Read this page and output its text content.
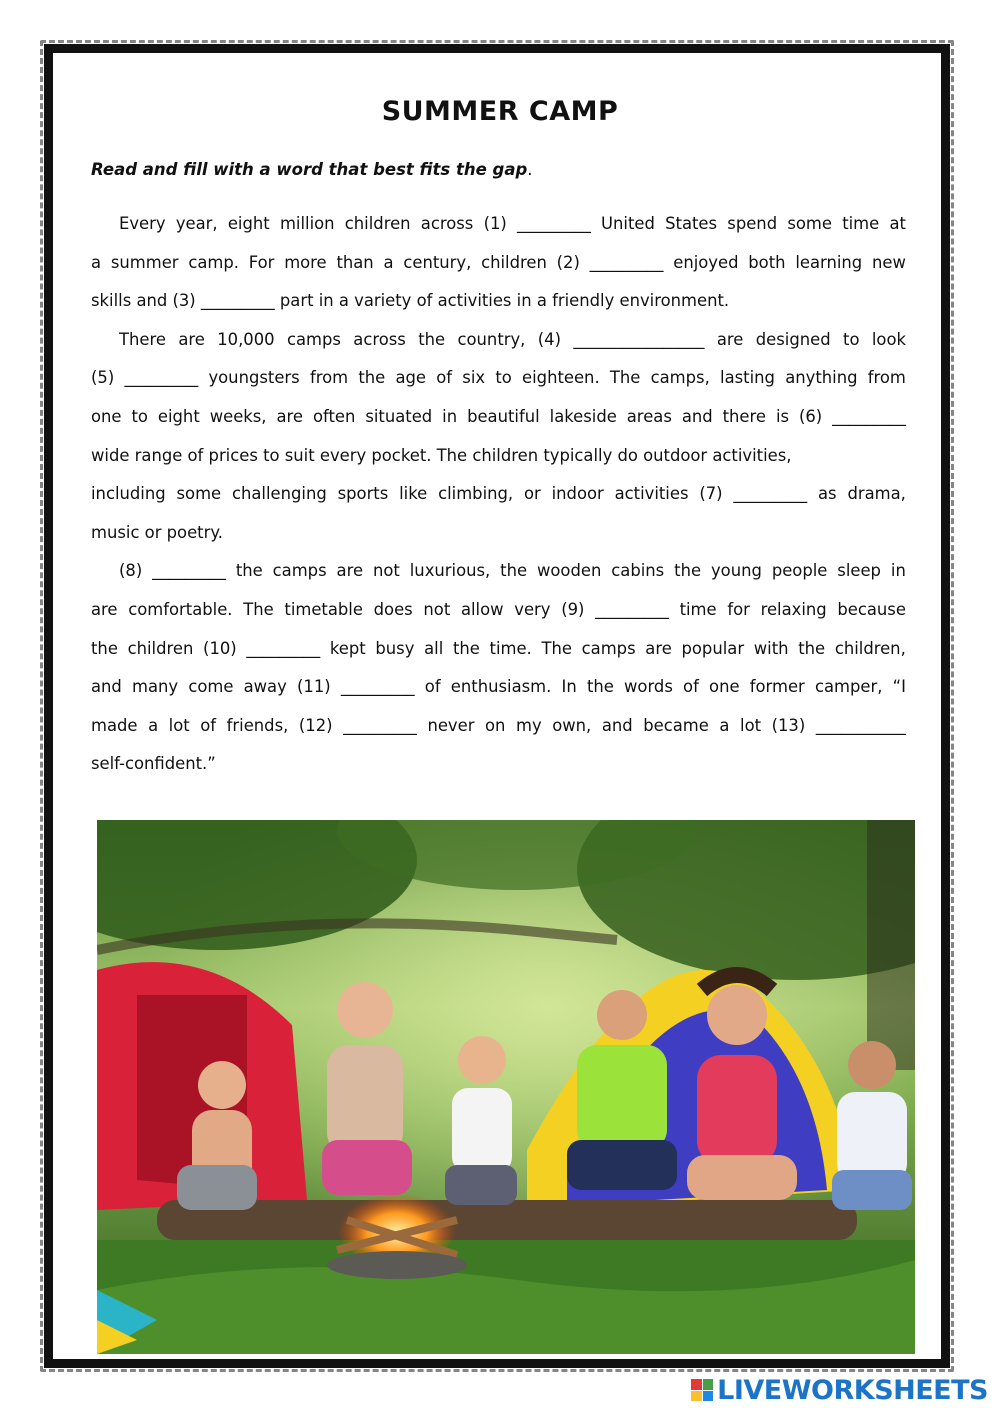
SUMMER CAMP
Read and fill with a word that best fits the gap.
Every year, eight million children across (1) _________ United States spend some time at
a summer camp. For more than a century, children (2) _________ enjoyed both learning new
skills and (3) _________ part in a variety of activities in a friendly environment.
There are 10,000 camps across the country, (4) ________________ are designed to look
(5) _________ youngsters from the age of six to eighteen. The camps, lasting anything from
one to eight weeks, are often situated in beautiful lakeside areas and there is (6) _________
wide range of prices to suit every pocket. The children typically do outdoor activities,
including some challenging sports like climbing, or indoor activities (7) _________ as drama,
music or poetry.
(8) _________ the camps are not luxurious, the wooden cabins the young people sleep in
are comfortable. The timetable does not allow very (9) _________ time for relaxing because
the children (10) _________ kept busy all the time. The camps are popular with the children,
and many come away (11) _________ of enthusiasm. In the words of one former camper, “I
made a lot of friends, (12) _________ never on my own, and became a lot (13) ___________
self-confident.”
LIVEWORKSHEETS
